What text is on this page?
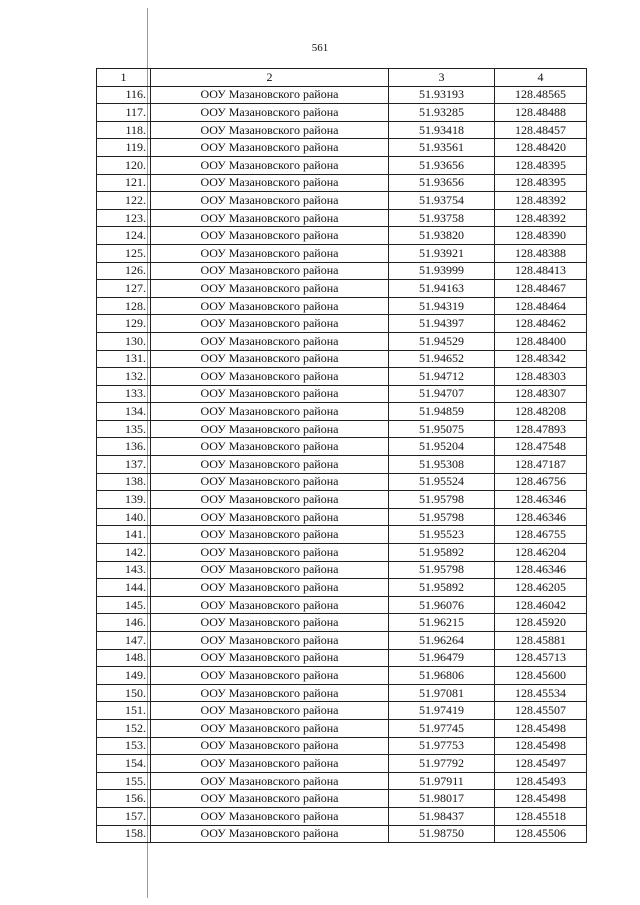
561
1	2	3	4
116.	ООУ Мазановского района	51.93193	128.48565
117.	ООУ Мазановского района	51.93285	128.48488
118.	ООУ Мазановского района	51.93418	128.48457
119.	ООУ Мазановского района	51.93561	128.48420
120.	ООУ Мазановского района	51.93656	128.48395
121.	ООУ Мазановского района	51.93656	128.48395
122.	ООУ Мазановского района	51.93754	128.48392
123.	ООУ Мазановского района	51.93758	128.48392
124.	ООУ Мазановского района	51.93820	128.48390
125.	ООУ Мазановского района	51.93921	128.48388
126.	ООУ Мазановского района	51.93999	128.48413
127.	ООУ Мазановского района	51.94163	128.48467
128.	ООУ Мазановского района	51.94319	128.48464
129.	ООУ Мазановского района	51.94397	128.48462
130.	ООУ Мазановского района	51.94529	128.48400
131.	ООУ Мазановского района	51.94652	128.48342
132.	ООУ Мазановского района	51.94712	128.48303
133.	ООУ Мазановского района	51.94707	128.48307
134.	ООУ Мазановского района	51.94859	128.48208
135.	ООУ Мазановского района	51.95075	128.47893
136.	ООУ Мазановского района	51.95204	128.47548
137.	ООУ Мазановского района	51.95308	128.47187
138.	ООУ Мазановского района	51.95524	128.46756
139.	ООУ Мазановского района	51.95798	128.46346
140.	ООУ Мазановского района	51.95798	128.46346
141.	ООУ Мазановского района	51.95523	128.46755
142.	ООУ Мазановского района	51.95892	128.46204
143.	ООУ Мазановского района	51.95798	128.46346
144.	ООУ Мазановского района	51.95892	128.46205
145.	ООУ Мазановского района	51.96076	128.46042
146.	ООУ Мазановского района	51.96215	128.45920
147.	ООУ Мазановского района	51.96264	128.45881
148.	ООУ Мазановского района	51.96479	128.45713
149.	ООУ Мазановского района	51.96806	128.45600
150.	ООУ Мазановского района	51.97081	128.45534
151.	ООУ Мазановского района	51.97419	128.45507
152.	ООУ Мазановского района	51.97745	128.45498
153.	ООУ Мазановского района	51.97753	128.45498
154.	ООУ Мазановского района	51.97792	128.45497
155.	ООУ Мазановского района	51.97911	128.45493
156.	ООУ Мазановского района	51.98017	128.45498
157.	ООУ Мазановского района	51.98437	128.45518
158.	ООУ Мазановского района	51.98750	128.45506
